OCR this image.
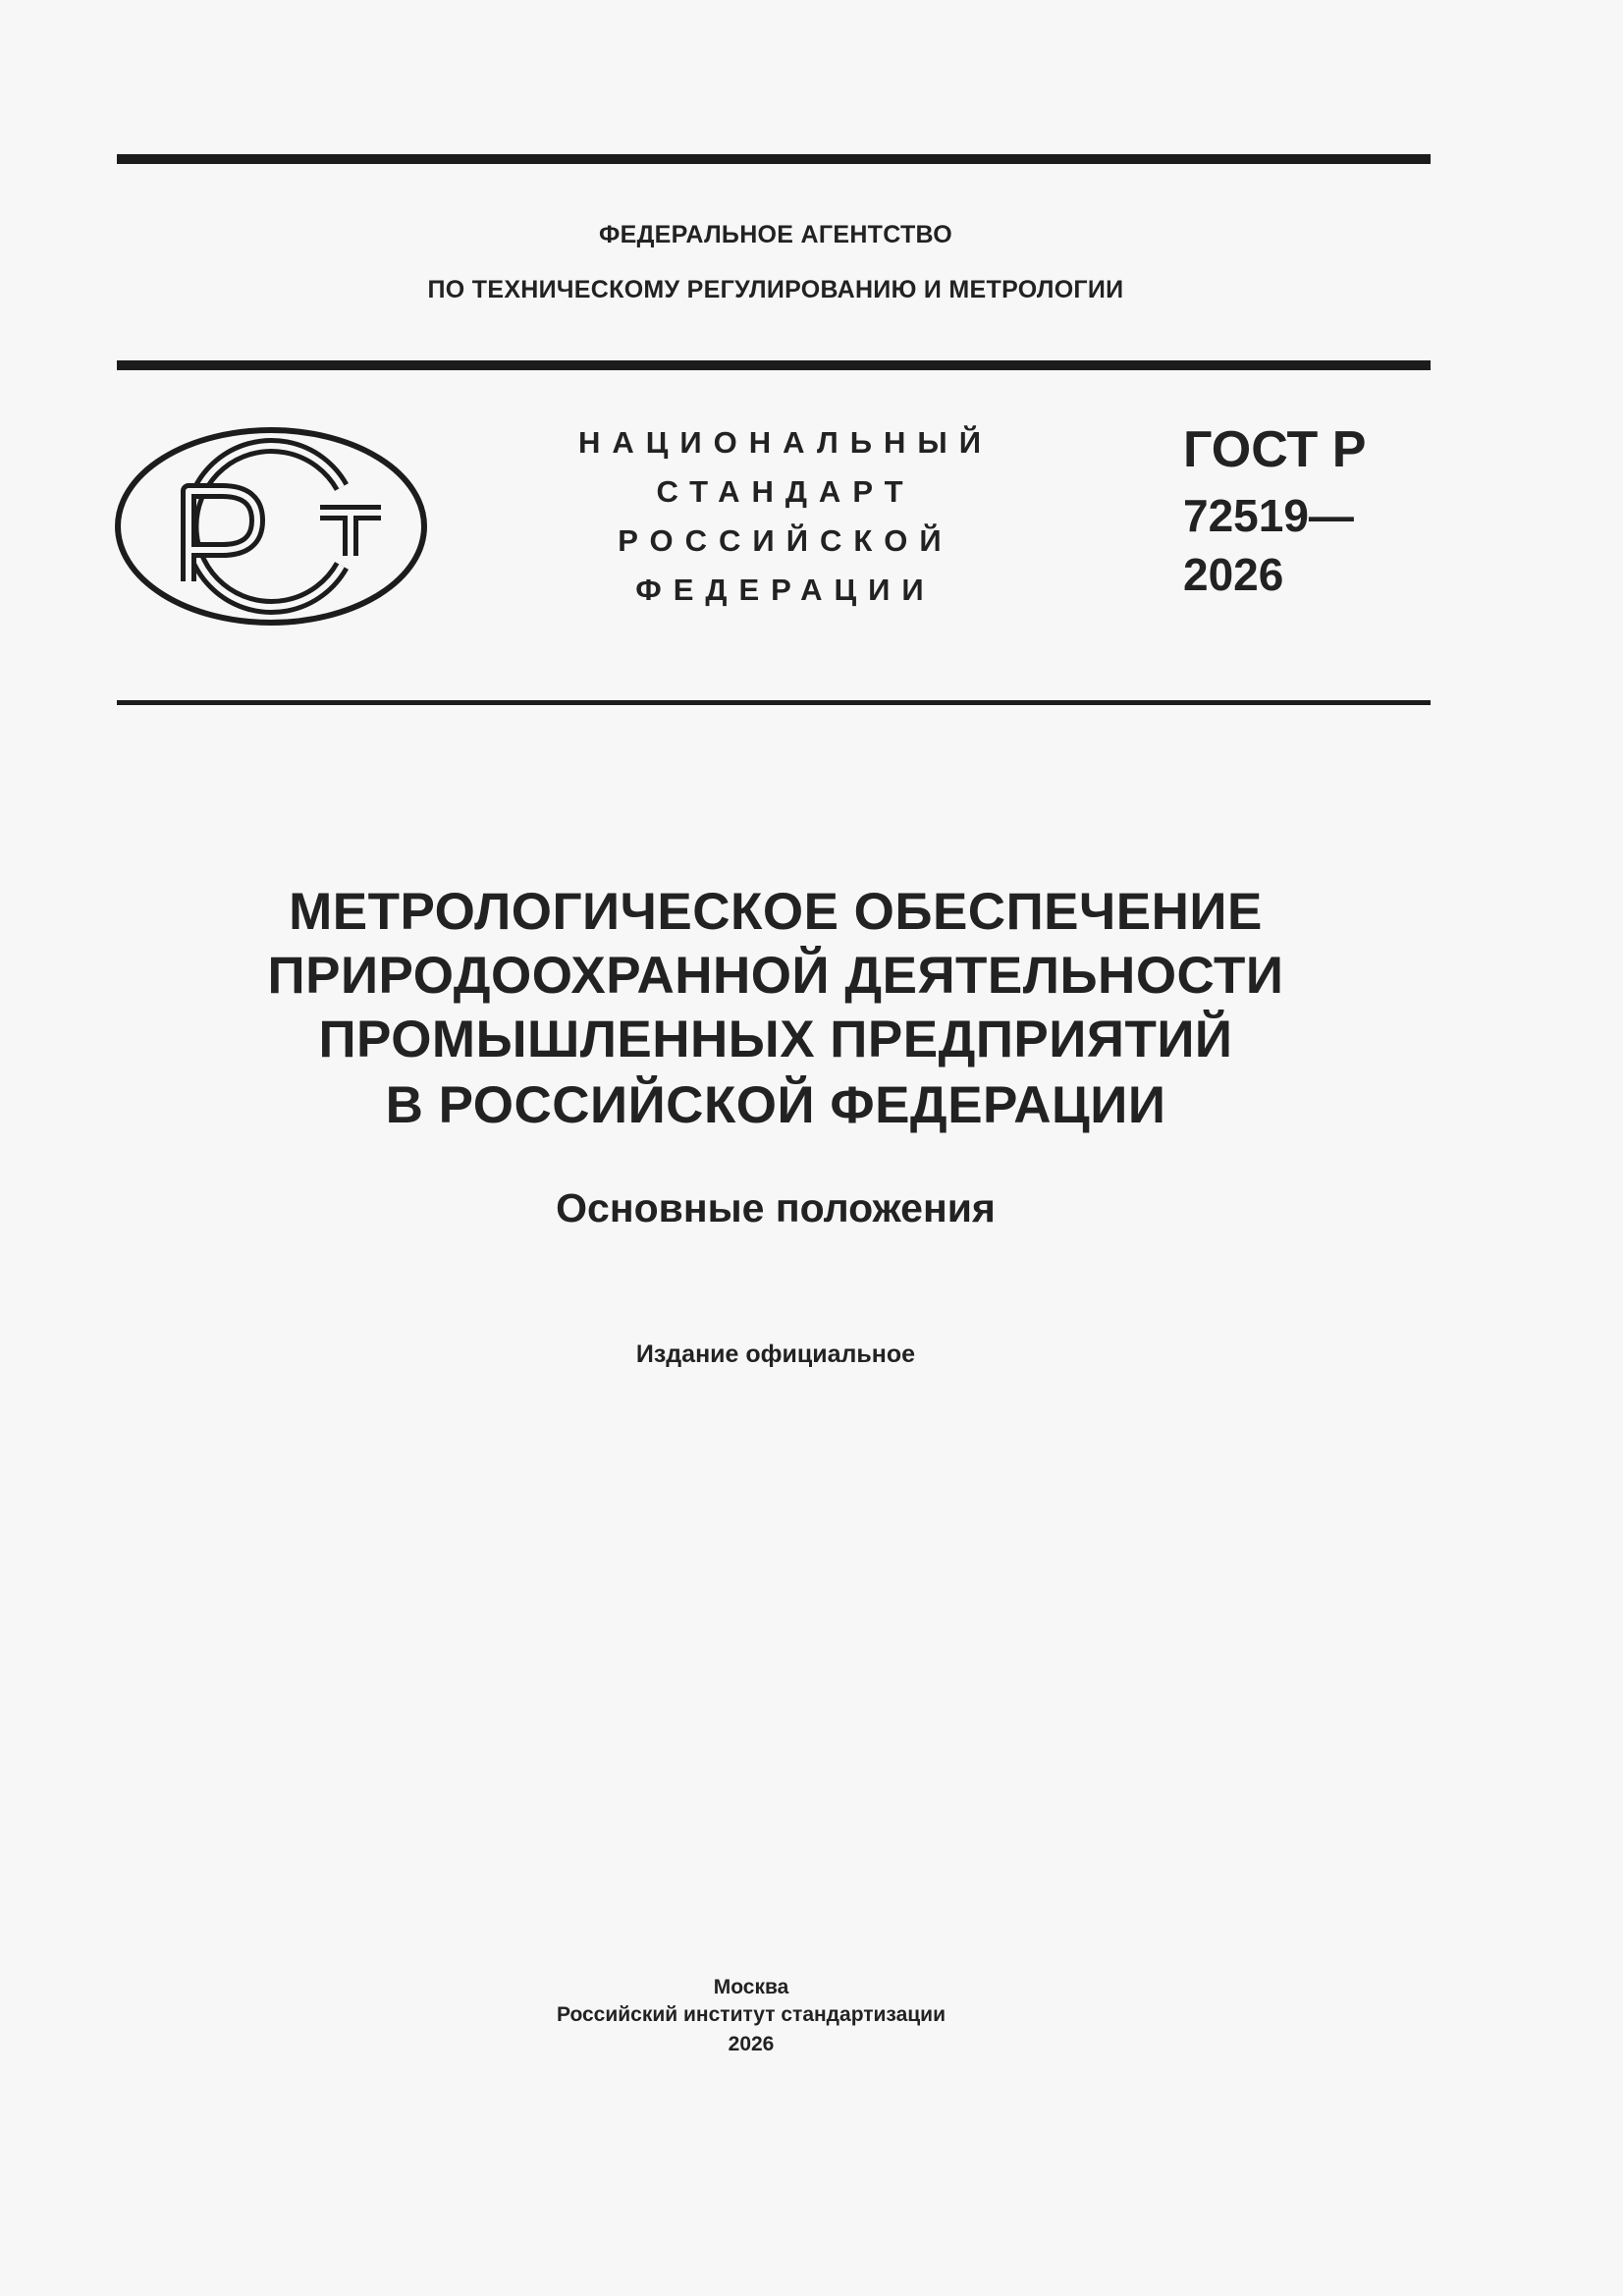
ФЕДЕРАЛЬНОЕ АГЕНТСТВО
ПО ТЕХНИЧЕСКОМУ РЕГУЛИРОВАНИЮ И МЕТРОЛОГИИ
НАЦИОНАЛЬНЫЙ
СТАНДАРТ
РОССИЙСКОЙ
ФЕДЕРАЦИИ
ГОСТ Р
72519—
2026
МЕТРОЛОГИЧЕСКОЕ ОБЕСПЕЧЕНИЕ
ПРИРОДООХРАННОЙ ДЕЯТЕЛЬНОСТИ
ПРОМЫШЛЕННЫХ ПРЕДПРИЯТИЙ
В РОССИЙСКОЙ ФЕДЕРАЦИИ
Основные положения
Издание официальное
Москва
Российский институт стандартизации
2026
